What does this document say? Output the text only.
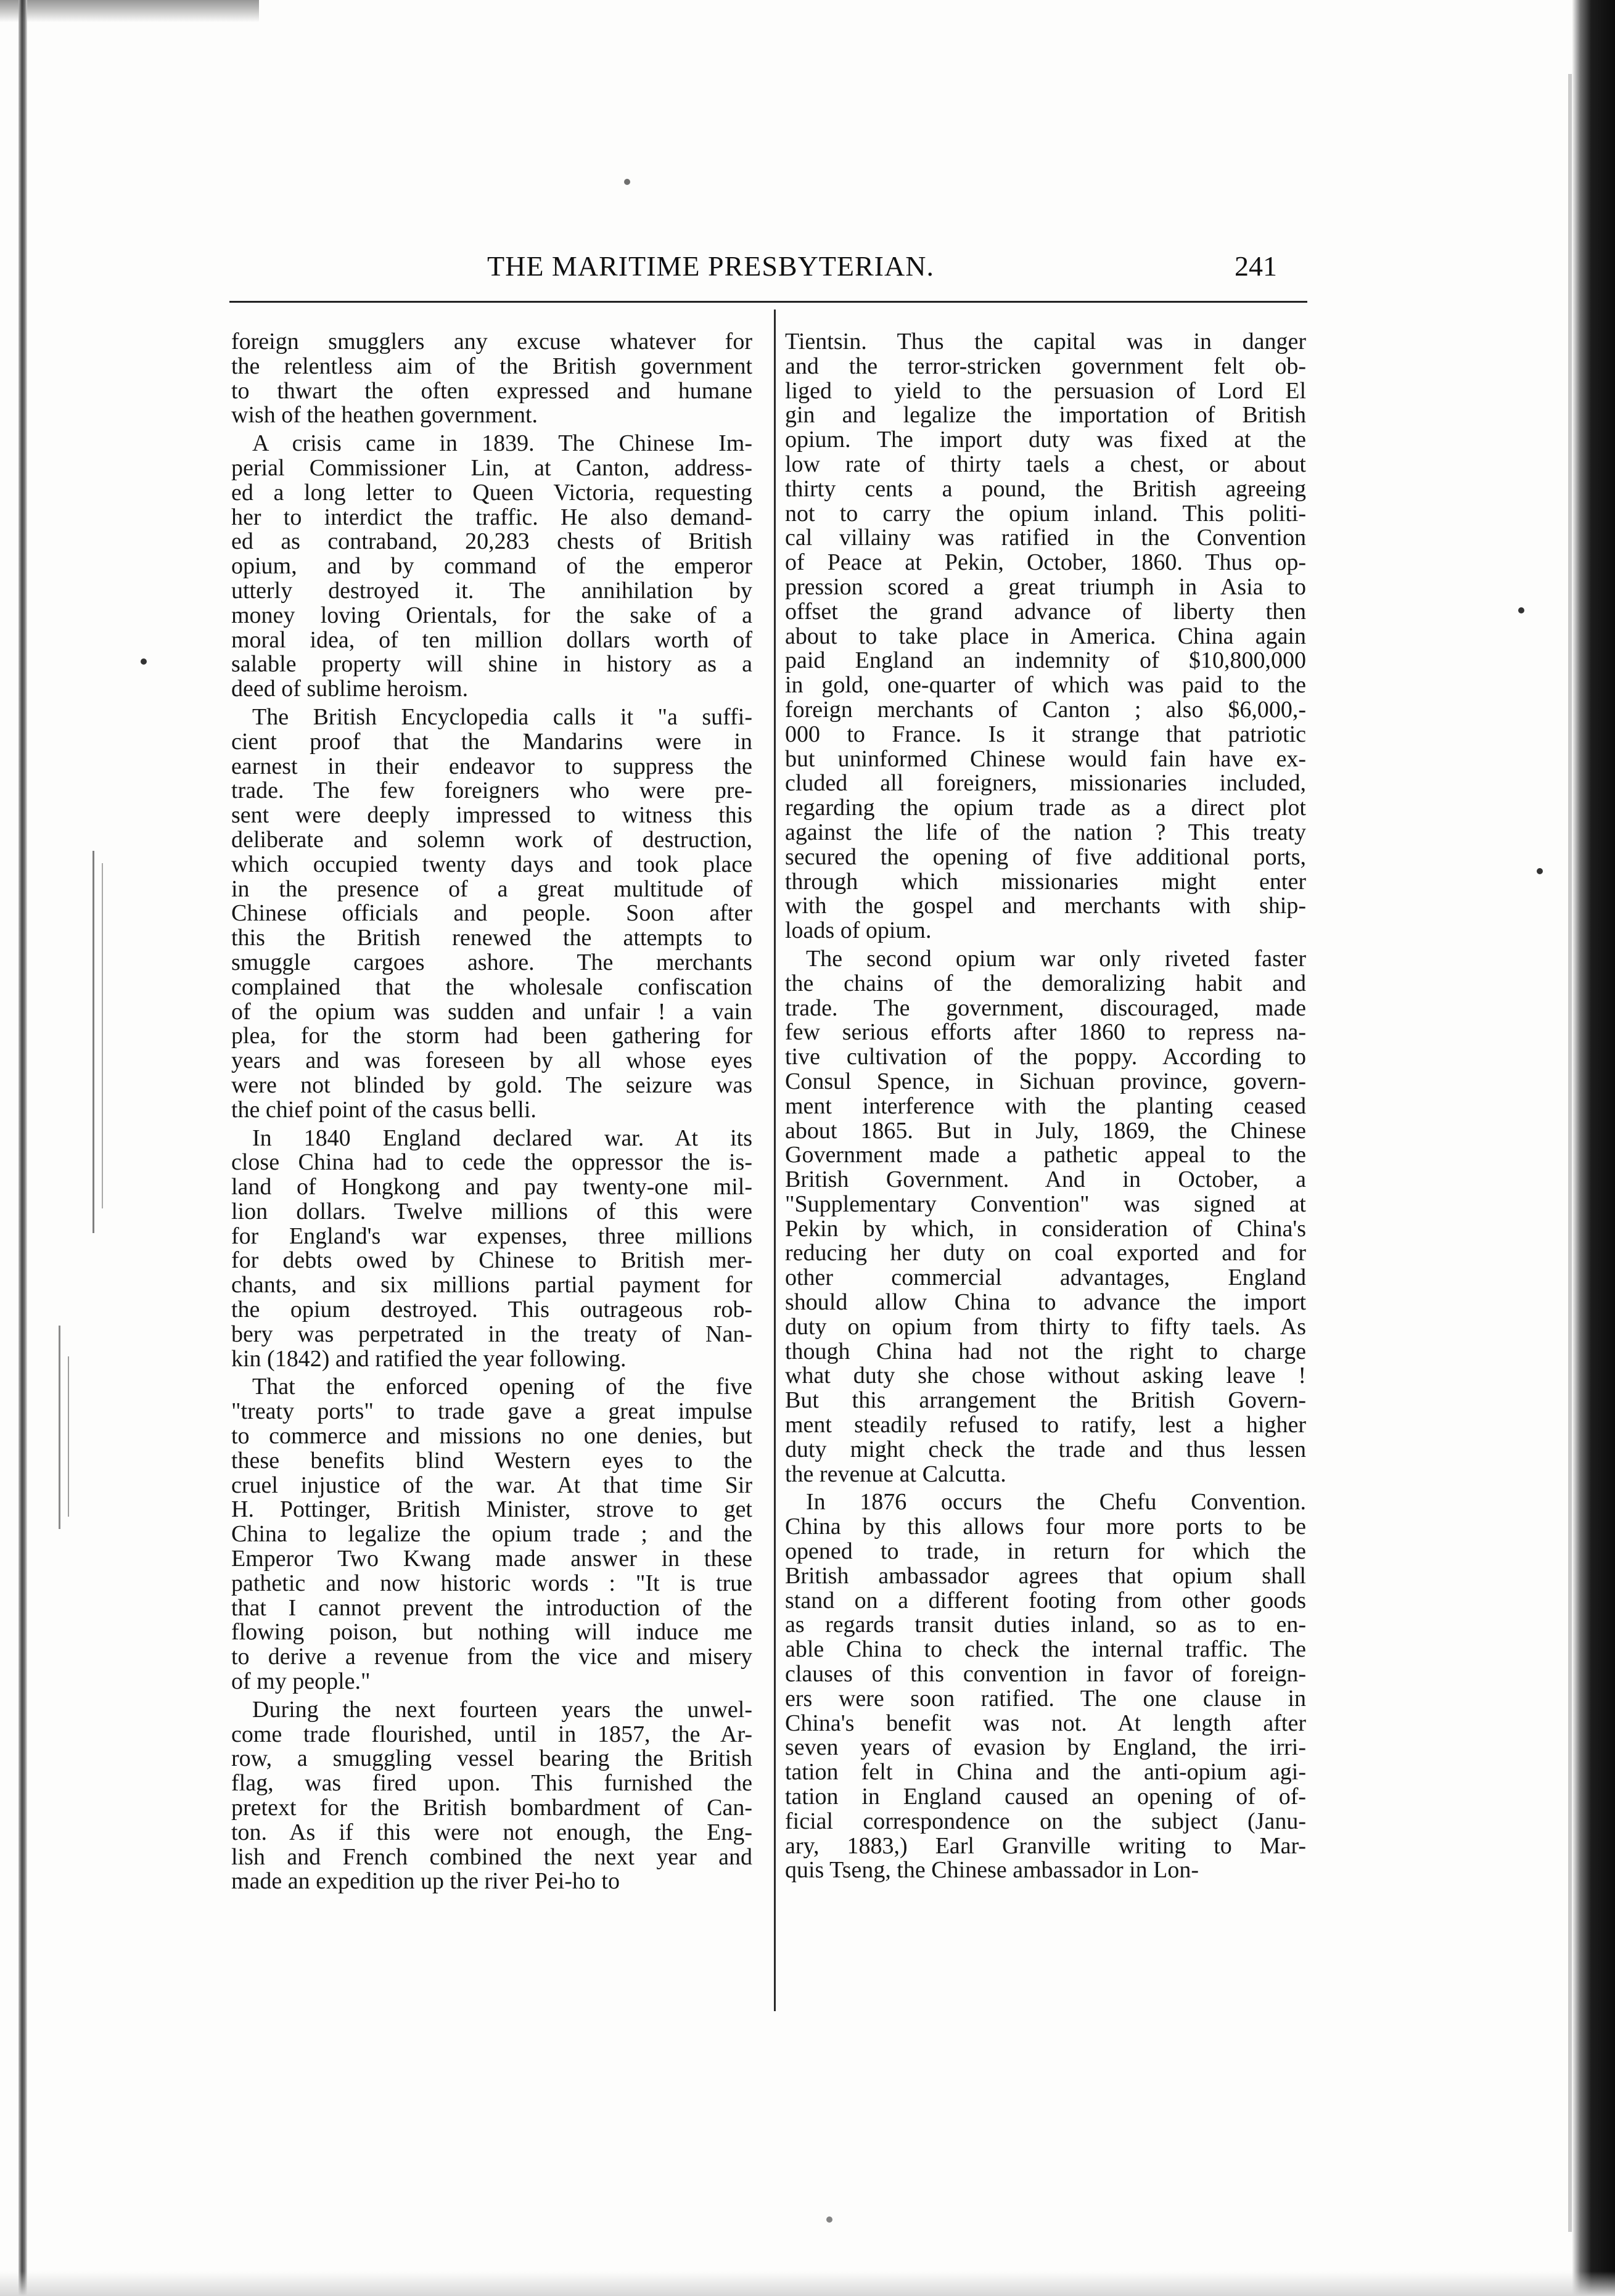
THE MARITIME PRESBYTERIAN.	241
foreign smugglers any excuse whatever for
the relentless aim of the British government
to thwart the often expressed and humane
wish of the heathen government.
A crisis came in 1839. The Chinese Im-
perial Commissioner Lin, at Canton, address-
ed a long letter to Queen Victoria, requesting
her to interdict the traffic. He also demand-
ed as contraband, 20,283 chests of British
opium, and by command of the emperor
utterly destroyed it. The annihilation by
money loving Orientals, for the sake of a
moral idea, of ten million dollars worth of
salable property will shine in history as a
deed of sublime heroism.
The British Encyclopedia calls it "a suffi-
cient proof that the Mandarins were in
earnest in their endeavor to suppress the
trade. The few foreigners who were pre-
sent were deeply impressed to witness this
deliberate and solemn work of destruction,
which occupied twenty days and took place
in the presence of a great multitude of
Chinese officials and people. Soon after
this the British renewed the attempts to
smuggle cargoes ashore. The merchants
complained that the wholesale confiscation
of the opium was sudden and unfair ! a vain
plea, for the storm had been gathering for
years and was foreseen by all whose eyes
were not blinded by gold. The seizure was
the chief point of the casus belli.
In 1840 England declared war. At its
close China had to cede the oppressor the is-
land of Hongkong and pay twenty-one mil-
lion dollars. Twelve millions of this were
for England's war expenses, three millions
for debts owed by Chinese to British mer-
chants, and six millions partial payment for
the opium destroyed. This outrageous rob-
bery was perpetrated in the treaty of Nan-
kin (1842) and ratified the year following.
That the enforced opening of the five
"treaty ports" to trade gave a great impulse
to commerce and missions no one denies, but
these benefits blind Western eyes to the
cruel injustice of the war. At that time Sir
H. Pottinger, British Minister, strove to get
China to legalize the opium trade ; and the
Emperor Two Kwang made answer in these
pathetic and now historic words : "It is true
that I cannot prevent the introduction of the
flowing poison, but nothing will induce me
to derive a revenue from the vice and misery
of my people."
During the next fourteen years the unwel-
come trade flourished, until in 1857, the Ar-
row, a smuggling vessel bearing the British
flag, was fired upon. This furnished the
pretext for the British bombardment of Can-
ton. As if this were not enough, the Eng-
lish and French combined the next year and
made an expedition up the river Pei-ho to
Tientsin. Thus the capital was in danger
and the terror-stricken government felt ob-
liged to yield to the persuasion of Lord El
gin and legalize the importation of British
opium. The import duty was fixed at the
low rate of thirty taels a chest, or about
thirty cents a pound, the British agreeing
not to carry the opium inland. This politi-
cal villainy was ratified in the Convention
of Peace at Pekin, October, 1860. Thus op-
pression scored a great triumph in Asia to
offset the grand advance of liberty then
about to take place in America. China again
paid England an indemnity of $10,800,000
in gold, one-quarter of which was paid to the
foreign merchants of Canton ; also $6,000,-
000 to France. Is it strange that patriotic
but uninformed Chinese would fain have ex-
cluded all foreigners, missionaries included,
regarding the opium trade as a direct plot
against the life of the nation ? This treaty
secured the opening of five additional ports,
through which missionaries might enter
with the gospel and merchants with ship-
loads of opium.
The second opium war only riveted faster
the chains of the demoralizing habit and
trade. The government, discouraged, made
few serious efforts after 1860 to repress na-
tive cultivation of the poppy. According to
Consul Spence, in Sichuan province, govern-
ment interference with the planting ceased
about 1865. But in July, 1869, the Chinese
Government made a pathetic appeal to the
British Government. And in October, a
"Supplementary Convention" was signed at
Pekin by which, in consideration of China's
reducing her duty on coal exported and for
other commercial advantages, England
should allow China to advance the import
duty on opium from thirty to fifty taels. As
though China had not the right to charge
what duty she chose without asking leave !
But this arrangement the British Govern-
ment steadily refused to ratify, lest a higher
duty might check the trade and thus lessen
the revenue at Calcutta.
In 1876 occurs the Chefu Convention.
China by this allows four more ports to be
opened to trade, in return for which the
British ambassador agrees that opium shall
stand on a different footing from other goods
as regards transit duties inland, so as to en-
able China to check the internal traffic. The
clauses of this convention in favor of foreign-
ers were soon ratified. The one clause in
China's benefit was not. At length after
seven years of evasion by England, the irri-
tation felt in China and the anti-opium agi-
tation in England caused an opening of of-
ficial correspondence on the subject (Janu-
ary, 1883,) Earl Granville writing to Mar-
quis Tseng, the Chinese ambassador in Lon-
